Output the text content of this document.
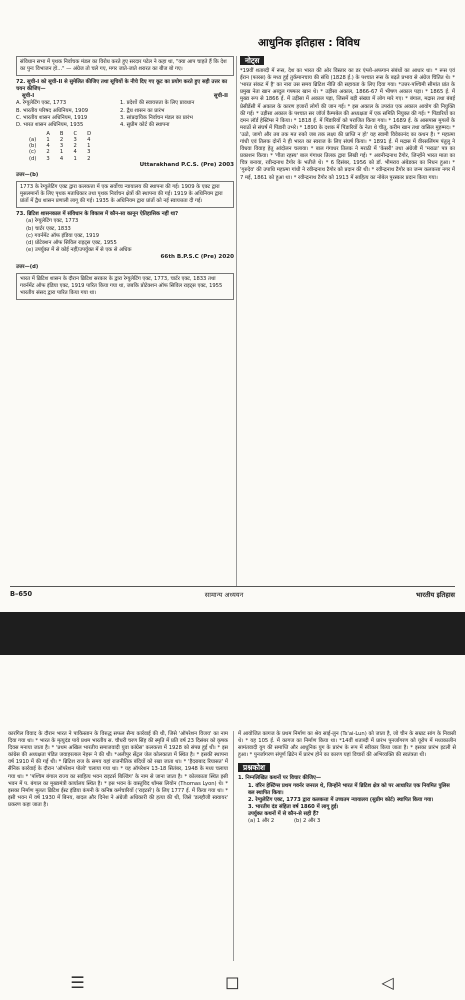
संविधान सभा में पृथक निर्वाचक मंडल का विरोध करते हुए सरदार पटेल ने कहा था, "क्या आप चाहते हैं कि देश का पुनः विभाजन हो..." — अंग्रेज तो चले गए, मगर जाते-जाते शरारत का बीज बो गए।
72. सूची-I को सूची-II से सुमेलित कीजिए तथा सूचियों के नीचे दिए गए कूट का प्रयोग करते हुए सही उत्तर का चयन कीजिए—
सूची-I	सूची-II
A. रेग्युलेटिंग एक्ट, 1773	1. प्रदेशों की स्वायत्तता के लिए प्रावधान
B. भारतीय परिषद अधिनियम, 1909	2. द्वैध शासन का प्रारंभ
C. भारतीय शासन अधिनियम, 1919	3. सांप्रदायिक निर्वाचन मंडल का प्रारंभ
D. भारत शासन अधिनियम, 1935	4. सुप्रीम कोर्ट की स्थापना
	A	B	C	D
(a)	1	2	3	4
(b)	4	3	2	1
(c)	2	1	4	3
(d)	3	4	1	2
Uttarakhand P.C.S. (Pre) 2003
उत्तर—(b)
1773 के रेग्युलेटिंग एक्ट द्वारा कलकत्ता में एक सर्वोच्च न्यायालय की स्थापना की गई। 1909 के एक्ट द्वारा मुसलमानों के लिए पृथक मताधिकार तथा पृथक निर्वाचन क्षेत्रों की स्थापना की गई। 1919 के अधिनियम द्वारा प्रांतों में द्वैध शासन प्रणाली लागू की गई। 1935 के अधिनियम द्वारा प्रांतों को नई स्वायत्तता दी गई।
73. ब्रिटिश शासनकाल में संविधान के विकास में कौन-सा कानून ऐतिहासिक नहीं था?
(a) रेग्युलेटिंग एक्ट, 1773
(b) चार्टर एक्ट, 1833
(c) गवर्नमेंट ऑफ इंडिया एक्ट, 1919
(d) प्रोटेक्शन ऑफ सिविल राइट्स एक्ट, 1955
(e) उपर्युक्त में से कोई नहीं/उपर्युक्त में से एक से अधिक
66th B.P.S.C (Pre) 2020
उत्तर—(d)
भारत में ब्रिटिश शासन के दौरान ब्रिटिश सरकार के द्वारा रेग्युलेटिंग एक्ट, 1773, चार्टर एक्ट, 1833 तथा गवर्नमेंट ऑफ इंडिया एक्ट, 1919 पारित किया गया था, जबकि प्रोटेक्शन ऑफ सिविल राइट्स एक्ट, 1955 भारतीय संसद द्वारा पारित किया गया था।
आधुनिक इतिहास : विविध
नोट्स
*19वीं शताब्दी में रूस, देश का भारत की ओर विस्तार का डर एंग्लो-अफगान संबंधों का आधार था। * रूस एवं ईरान (फारस) के मध्य हुई तुर्कमानचाय की संधि (1828 ई.) के पश्चात रूस के बढ़ते प्रभाव से अंग्रेज चिंतित थे। * 'भारत संकट में है' का नारा उस समय ब्रिटिश नीति की सहायता के लिए दिया गया। *उत्तर-पश्चिमी सीमांत प्रांत के प्रमुख नेता खान अब्दुल गफ्फार खान थे। * उड़ीसा अकाल, 1866-67 में भीषण अकाल पड़ा। * 1865 ई. में मुख्य रूप से 1866 ई. में उड़ीसा में अकाल पड़ा, जिसमें बड़ी संख्या में लोग मारे गए। * बंगाल, मद्रास तथा बंबई प्रेसीडेंसी में अकाल के कारण हजारों लोगों की जान गई। * इस अकाल के उपरांत एक अकाल आयोग की नियुक्ति की गई। * उड़ीसा अकाल के पश्चात सर जॉर्ज कैम्पबेल की अध्यक्षता में एक समिति नियुक्त की गई। * पिंडारियों का दमन लॉर्ड हेस्टिंग्स ने किया। * 1818 ई. में पिंडारियों को पराजित किया गया। * 1689 ई. के आसपास मुगलों के मराठों से संघर्ष में पिंडारी उभरे। * 1890 के दशक में पिंडारियों के नेता थे चीतू, करीम खान तथा वासिल मुहम्मद। * 'उठो, जागो और तब तक मत रुको जब तक लक्ष्य की प्राप्ति न हो' यह स्वामी विवेकानंद का कथन है। * महात्मा गांधी एवं तिलक दोनों ने ही भारत का स्वराज के लिए संघर्ष किया। * 1891 ई. में मद्रास में वीरसलिंगम पंतुलु ने विधवा विवाह हेतु आंदोलन चलाया। * बाल गंगाधर तिलक ने मराठी में 'केसरी' तथा अंग्रेजी में 'मराठा' पत्र का प्रकाशन किया। * 'गीता रहस्य' बाल गंगाधर तिलक द्वारा लिखी गई। * अवनीन्द्रनाथ टैगोर, जिन्होंने भारत माता का चित्र बनाया, रवीन्द्रनाथ टैगोर के भतीजे थे। * 6 दिसंबर, 1956 को डॉ. भीमराव अंबेडकर का निधन हुआ। * 'गुरुदेव' की उपाधि महात्मा गांधी ने रवीन्द्रनाथ टैगोर को प्रदान की थी। * रवीन्द्रनाथ टैगोर का जन्म कलकत्ता नगर में 7 मई, 1861 को हुआ था। * रवीन्द्रनाथ टैगोर को 1913 में साहित्य का नोबेल पुरस्कार प्रदान किया गया।
B–650	सामान्य अध्ययन	भारतीय इतिहास
कारगिल विवाद के दौरान भारत ने पाकिस्तान के विरुद्ध सफल सैन्य कार्रवाई की थी, जिसे 'ऑपरेशन विजय' का नाम दिया गया था। * भारत के मृत्युदंड पाये प्रथम भारतीय स. चौधरी चरण सिंह की स्मृति में प्रति वर्ष 23 दिसंबर को कृषक दिवस मनाया जाता है। * 'प्रथम अखिल भारतीय समाजवादी युवा कांग्रेस' कलकत्ता में 1928 को संपन्न हुई थी। * इस कांग्रेस की अध्यक्षता पंडित जवाहरलाल नेहरू ने की थी। *अलीपुर सेंट्रल जेल कोलकाता में स्थित है। * इसकी स्थापना वर्ष 1910 में की गई थी। * ब्रिटिश राज के समय यहां राजनीतिक बंदियों को रखा जाता था। * 'हैदराबाद रियासत' में सैनिक कार्रवाई के दौरान 'ऑपरेशन पोलो' चलाया गया था। * यह ऑपरेशन 13-18 सितंबर, 1948 के मध्य चलाया गया था। * 'पश्चिम बंगाल राज्य का साहित्य भवन राइटर्स बिल्डिंग' के नाम से जाना जाता है। * कोलकाता स्थित इसी भवन में प. बंगाल का मुख्यमंत्री कार्यालय स्थित है। * इस भवन के वास्तुविद थॉमस लियोन (Thomas Lyon) थे। * इसका निर्माण मूलतः ब्रिटिश ईस्ट इंडिया कंपनी के कनिष्ठ कर्मचारियों ('राइटर्स') के लिए 1777 ई. में किया गया था। * इसी भवन में वर्ष 1930 में बिनय, बादल और दिनेश ने अंग्रेजी अधिकारी की हत्या की थी, जिसे 'डलहौजी स्क्वायर' प्रकरण कहा जाता है।
में आयोजित कागज के प्रथम निर्माण का श्रेय साई-लुन (Ts'ai-Lun) को जाता है, जो चीन के सम्राट सांग के निवासी थे। * यह 105 ई. में कागज का निर्माण किया था। *14वीं शताब्दी में प्रारंभ पुनर्जागरण को यूरोप में मध्यकालीन सामंतवादी युग की समाप्ति और आधुनिक युग के प्रारंभ के रूप में स्वीकार किया जाता है। * इसका प्रारंभ इटली से हुआ। * पुनर्जागरण संपूर्ण ब्रिटेन में प्रारंभ होने का कारण यहां विचारों की अभिव्यक्ति की स्वतंत्रता थी।
प्रश्नकोश
1. निम्नलिखित कथनों पर विचार कीजिए—
1. वॉरेन हेस्टिंग्स प्रथम गवर्नर जनरल थे, जिन्होंने भारत में ब्रिटिश क्षेत्र को पर आधारित एक नियमित पुलिस बल स्थापित किया।
2. रेग्युलेटिंग एक्ट, 1773 द्वारा कलकत्ता में उच्चतम न्यायालय (सुप्रीम कोर्ट) स्थापित किया गया।
3. भारतीय दंड संहिता वर्ष 1860 में लागू हुई।
उपर्युक्त कथनों में से कौन-से सही हैं?
(a) 1 और 2	(b) 2 और 3
☰	◻	◁
